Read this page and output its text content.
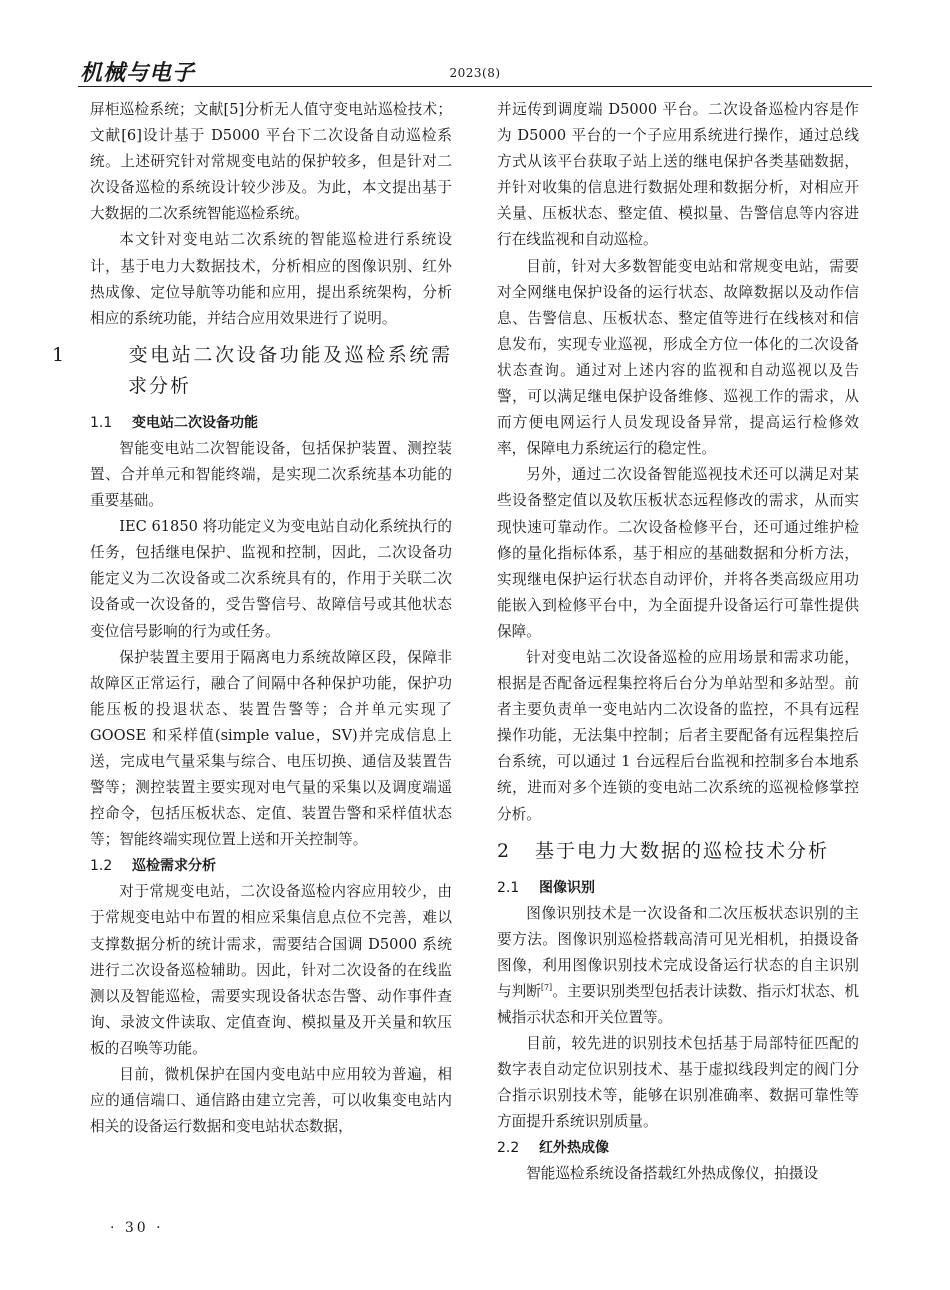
机械与电子	2023(8)

屏柜巡检系统；文献[5]分析无人值守变电站巡检技术；文献[6]设计基于 D5000 平台下二次设备自动巡检系统。上述研究针对常规变电站的保护较多，但是针对二次设备巡检的系统设计较少涉及。为此，本文提出基于大数据的二次系统智能巡检系统。

本文针对变电站二次系统的智能巡检进行系统设计，基于电力大数据技术，分析相应的图像识别、红外热成像、定位导航等功能和应用，提出系统架构，分析相应的系统功能，并结合应用效果进行了说明。

1	变电站二次设备功能及巡检系统需求分析
1.1 变电站二次设备功能

智能变电站二次智能设备，包括保护装置、测控装置、合并单元和智能终端，是实现二次系统基本功能的重要基础。

IEC 61850 将功能定义为变电站自动化系统执行的任务，包括继电保护、监视和控制，因此，二次设备功能定义为二次设备或二次系统具有的，作用于关联二次设备或一次设备的，受告警信号、故障信号或其他状态变位信号影响的行为或任务。

保护装置主要用于隔离电力系统故障区段，保障非故障区正常运行，融合了间隔中各种保护功能，保护功能压板的投退状态、装置告警等；合并单元实现了 GOOSE 和采样值(simple value，SV)并完成信息上送，完成电气量采集与综合、电压切换、通信及装置告警等；测控装置主要实现对电气量的采集以及调度端遥控命令，包括压板状态、定值、装置告警和采样值状态等；智能终端实现位置上送和开关控制等。

1.2 巡检需求分析

对于常规变电站，二次设备巡检内容应用较少，由于常规变电站中布置的相应采集信息点位不完善，难以支撑数据分析的统计需求，需要结合国调 D5000 系统进行二次设备巡检辅助。因此，针对二次设备的在线监测以及智能巡检，需要实现设备状态告警、动作事件查询、录波文件读取、定值查询、模拟量及开关量和软压板的召唤等功能。

目前，微机保护在国内变电站中应用较为普遍，相应的通信端口、通信路由建立完善，可以收集变电站内相关的设备运行数据和变电站状态数据，

并远传到调度端 D5000 平台。二次设备巡检内容是作为 D5000 平台的一个子应用系统进行操作，通过总线方式从该平台获取子站上送的继电保护各类基础数据，并针对收集的信息进行数据处理和数据分析，对相应开关量、压板状态、整定值、模拟量、告警信息等内容进行在线监视和自动巡检。

目前，针对大多数智能变电站和常规变电站，需要对全网继电保护设备的运行状态、故障数据以及动作信息、告警信息、压板状态、整定值等进行在线核对和信息发布，实现专业巡视，形成全方位一体化的二次设备状态查询。通过对上述内容的监视和自动巡视以及告警，可以满足继电保护设备维修、巡视工作的需求，从而方便电网运行人员发现设备异常，提高运行检修效率，保障电力系统运行的稳定性。

另外，通过二次设备智能巡视技术还可以满足对某些设备整定值以及软压板状态远程修改的需求，从而实现快速可靠动作。二次设备检修平台，还可通过维护检修的量化指标体系，基于相应的基础数据和分析方法，实现继电保护运行状态自动评价，并将各类高级应用功能嵌入到检修平台中，为全面提升设备运行可靠性提供保障。

针对变电站二次设备巡检的应用场景和需求功能，根据是否配备远程集控将后台分为单站型和多站型。前者主要负责单一变电站内二次设备的监控，不具有远程操作功能，无法集中控制；后者主要配备有远程集控后台系统，可以通过 1 台远程后台监视和控制多台本地系统，进而对多个连锁的变电站二次系统的巡视检修掌控分析。

2 基于电力大数据的巡检技术分析
2.1 图像识别

图像识别技术是一次设备和二次压板状态识别的主要方法。图像识别巡检搭载高清可见光相机，拍摄设备图像，利用图像识别技术完成设备运行状态的自主识别与判断[7]。主要识别类型包括表计读数、指示灯状态、机械指示状态和开关位置等。

目前，较先进的识别技术包括基于局部特征匹配的数字表自动定位识别技术、基于虚拟线段判定的阀门分合指示识别技术等，能够在识别准确率、数据可靠性等方面提升系统识别质量。

2.2 红外热成像

智能巡检系统设备搭载红外热成像仪，拍摄设

· 30 ·
